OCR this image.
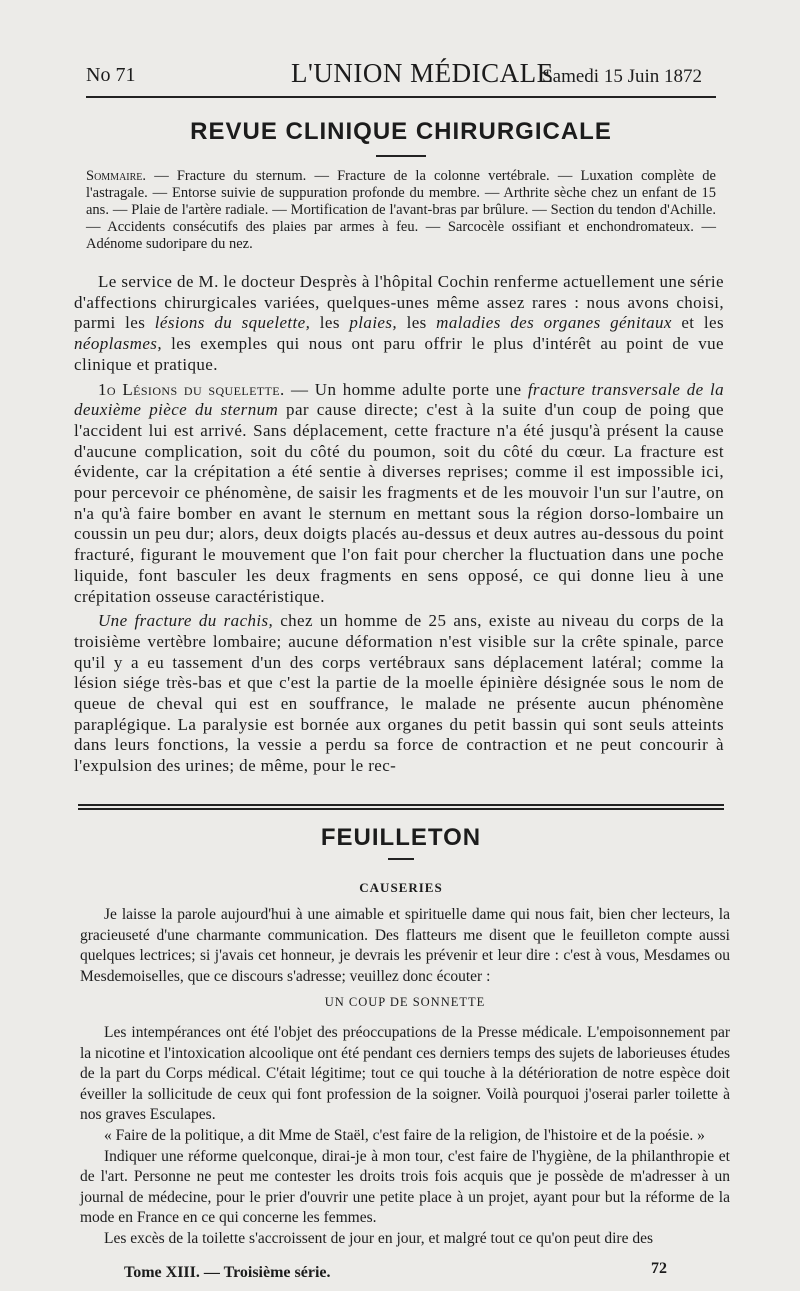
No 71	L'UNION MÉDICALE
Samedi 15 Juin 1872
REVUE CLINIQUE CHIRURGICALE
Sommaire. — Fracture du sternum. — Fracture de la colonne vertébrale. — Luxation complète de l'astragale. — Entorse suivie de suppuration profonde du membre. — Arthrite sèche chez un enfant de 15 ans. — Plaie de l'artère radiale. — Mortification de l'avant-bras par brûlure. — Section du tendon d'Achille. — Accidents consécutifs des plaies par armes à feu. — Sarcocèle ossifiant et enchondromateux. — Adénome sudoripare du nez.

Le service de M. le docteur Desprès à l'hôpital Cochin renferme actuellement une série d'affections chirurgicales variées, quelques-unes même assez rares : nous avons choisi, parmi les lésions du squelette, les plaies, les maladies des organes génitaux et les néoplasmes, les exemples qui nous ont paru offrir le plus d'intérêt au point de vue clinique et pratique.

1o Lésions du squelette. — Un homme adulte porte une fracture transversale de la deuxième pièce du sternum par cause directe; c'est à la suite d'un coup de poing que l'accident lui est arrivé. Sans déplacement, cette fracture n'a été jusqu'à présent la cause d'aucune complication, soit du côté du poumon, soit du côté du cœur. La fracture est évidente, car la crépitation a été sentie à diverses reprises; comme il est impossible ici, pour percevoir ce phénomène, de saisir les fragments et de les mouvoir l'un sur l'autre, on n'a qu'à faire bomber en avant le sternum en mettant sous la région dorso-lombaire un coussin un peu dur; alors, deux doigts placés au-dessus et deux autres au-dessous du point fracturé, figurant le mouvement que l'on fait pour chercher la fluctuation dans une poche liquide, font basculer les deux fragments en sens opposé, ce qui donne lieu à une crépitation osseuse caractéristique.

Une fracture du rachis, chez un homme de 25 ans, existe au niveau du corps de la troisième vertèbre lombaire; aucune déformation n'est visible sur la crête spinale, parce qu'il y a eu tassement d'un des corps vertébraux sans déplacement latéral; comme la lésion siége très-bas et que c'est la partie de la moelle épinière désignée sous le nom de queue de cheval qui est en souffrance, le malade ne présente aucun phénomène paraplégique. La paralysie est bornée aux organes du petit bassin qui sont seuls atteints dans leurs fonctions, la vessie a perdu sa force de contraction et ne peut concourir à l'expulsion des urines; de même, pour le rec-

FEUILLETON
CAUSERIES

Je laisse la parole aujourd'hui à une aimable et spirituelle dame qui nous fait, bien cher lecteurs, la gracieuseté d'une charmante communication. Des flatteurs me disent que le feuilleton compte aussi quelques lectrices; si j'avais cet honneur, je devrais les prévenir et leur dire : c'est à vous, Mesdames ou Mesdemoiselles, que ce discours s'adresse; veuillez donc écouter :

UN COUP DE SONNETTE

Les intempérances ont été l'objet des préoccupations de la Presse médicale. L'empoisonnement par la nicotine et l'intoxication alcoolique ont été pendant ces derniers temps des sujets de laborieuses études de la part du Corps médical. C'était légitime; tout ce qui touche à la détérioration de notre espèce doit éveiller la sollicitude de ceux qui font profession de la soigner. Voilà pourquoi j'oserai parler toilette à nos graves Esculapes.

« Faire de la politique, a dit Mme de Staël, c'est faire de la religion, de l'histoire et de la poésie. »

Indiquer une réforme quelconque, dirai-je à mon tour, c'est faire de l'hygiène, de la philanthropie et de l'art. Personne ne peut me contester les droits trois fois acquis que je possède de m'adresser à un journal de médecine, pour le prier d'ouvrir une petite place à un projet, ayant pour but la réforme de la mode en France en ce qui concerne les femmes.

Les excès de la toilette s'accroissent de jour en jour, et malgré tout ce qu'on peut dire des

Tome XIII. — Troisième série.	72
